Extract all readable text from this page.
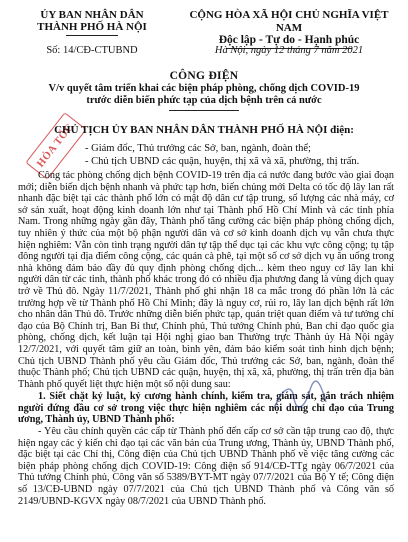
ỦY BAN NHÂN DÂN
THÀNH PHỐ HÀ NỘI
Số: 14/CĐ-CTUBND
CỘNG HÒA XÃ HỘI CHỦ NGHĨA VIỆT NAM
Độc lập - Tự do - Hạnh phúc
Hà Nội, ngày 12 tháng 7 năm 2021
CÔNG ĐIỆN
V/v quyết tâm triển khai các biện pháp phòng, chống dịch COVID-19
trước diễn biến phức tạp của dịch bệnh trên cả nước
HỎA TỐC
CHỦ TỊCH ỦY BAN NHÂN DÂN THÀNH PHỐ HÀ NỘI điện:
- Giám đốc, Thủ trưởng các Sở, ban, ngành, đoàn thể;
- Chủ tịch UBND các quận, huyện, thị xã và xã, phường, thị trấn.

Công tác phòng chống dịch bệnh COVID-19 trên địa cả nước đang bước vào giai đoạn mới; diễn biến dịch bệnh nhanh và phức tạp hơn, biến chủng mới Delta có tốc độ lây lan rất nhanh đặc biệt tại các thành phố lớn có mật độ dân cư tập trung, số lượng các nhà máy, cơ sở sản xuất, hoạt động kinh doanh lớn như tại Thành phố Hồ Chí Minh và các tỉnh phía Nam. Trong những ngày gần đây, Thành phố tăng cường các biện pháp phòng chống dịch, tuy nhiên ý thức của một bộ phận người dân và cơ sở kinh doanh dịch vụ vẫn chưa thực hiện nghiêm: Vẫn còn tình trạng người dân tự tập thể dục tại các khu vực công cộng; tụ tập đông người tại địa điểm công cộng, các quán cà phê, tại một số cơ sở dịch vụ ăn uống trong nhà không đảm bảo đầy đủ quy định phòng chống dịch... kèm theo nguy cơ lây lan khi người dân từ các tỉnh, thành phố khác trong đó có nhiều địa phương đang là vùng dịch quay trở về Thủ đô. Ngày 11/7/2021, Thành phố ghi nhận 18 ca mắc trong đó phần lớn là các trường hợp về từ Thành phố Hồ Chí Minh; đây là nguy cơ, rủi ro, lây lan dịch bệnh rất lớn cho nhân dân Thủ đô. Trước những diễn biến phức tạp, quán triệt quan điểm và tư tưởng chỉ đạo của Bộ Chính trị, Ban Bí thư, Chính phủ, Thủ tướng Chính phủ, Ban chỉ đạo quốc gia phòng, chống dịch, kết luận tại Hội nghị giao ban Thường trực Thành ủy Hà Nội ngày 12/7/2021, với quyết tâm giữ an toàn, bình yên, đảm bảo kiểm soát tình hình dịch bệnh; Chủ tịch UBND Thành phố yêu cầu Giám đốc, Thủ trưởng các Sở, ban, ngành, đoàn thể thuộc Thành phố; Chủ tịch UBND các quận, huyện, thị xã, xã, phường, thị trấn trên địa bàn Thành phố quyết liệt thực hiện một số nội dung sau:

1. Siết chặt kỷ luật, kỷ cương hành chính, kiểm tra, giám sát, gắn trách nhiệm người đứng đầu cơ sở trong việc thực hiện nghiêm các nội dung chỉ đạo của Trung ương, Thành ủy, UBND Thành phố:

- Yêu cầu chính quyền các cấp từ Thành phố đến cấp cơ sở cần tập trung cao độ, thực hiện ngay các ý kiến chỉ đạo tại các văn bản của Trung ương, Thành ủy, UBND Thành phố, đặc biệt tại các Chỉ thị, Công điện của Chủ tịch UBND Thành phố về việc tăng cường các biện pháp phòng chống dịch COVID-19: Công điện số 914/CĐ-TTg ngày 06/7/2021 của Thủ tướng Chính phủ, Công văn số 5389/BYT-MT ngày 07/7/2021 của Bộ Y tế; Công điện số 13/CĐ-UBND ngày 07/7/2021 của Chủ tịch UBND Thành phố và Công văn số 2149/UBND-KGVX ngày 08/7/2021 của UBND Thành phố.
